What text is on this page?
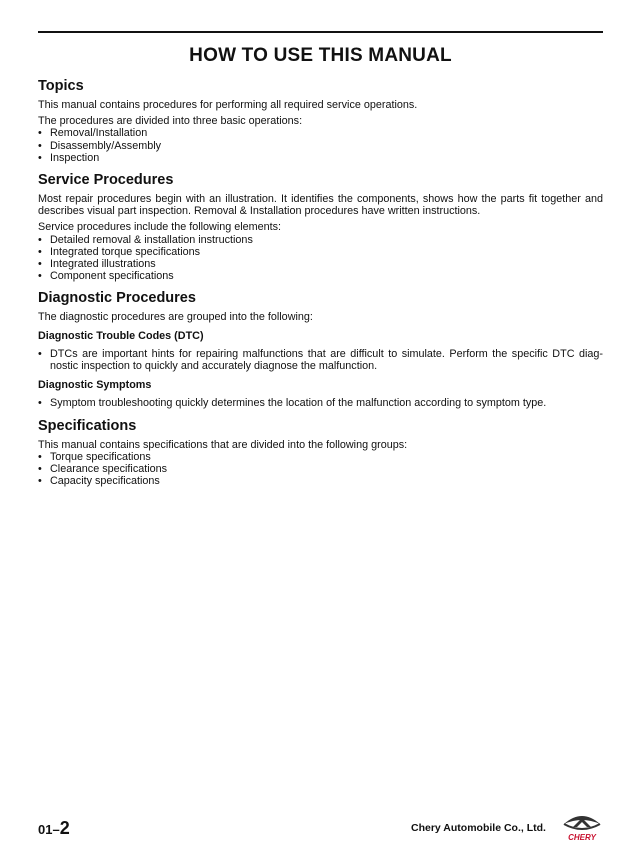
HOW TO USE THIS MANUAL
Topics

This manual contains procedures for performing all required service operations.

The procedures are divided into three basic operations:

• Removal/Installation
• Disassembly/Assembly
• Inspection
Service Procedures

Most repair procedures begin with an illustration. It identifies the components, shows how the parts fit together and describes visual part inspection. Removal & Installation procedures have written instructions.

Service procedures include the following elements:

• Detailed removal & installation instructions
• Integrated torque specifications
• Integrated illustrations
• Component specifications
Diagnostic Procedures

The diagnostic procedures are grouped into the following:

Diagnostic Trouble Codes (DTC)
• DTCs are important hints for repairing malfunctions that are difficult to simulate. Perform the specific DTC diag-nostic inspection to quickly and accurately diagnose the malfunction.
Diagnostic Symptoms
• Symptom troubleshooting quickly determines the location of the malfunction according to symptom type.
Specifications

This manual contains specifications that are divided into the following groups:

• Torque specifications
• Clearance specifications
• Capacity specifications
01–2	Chery Automobile Co., Ltd.
CHERY
